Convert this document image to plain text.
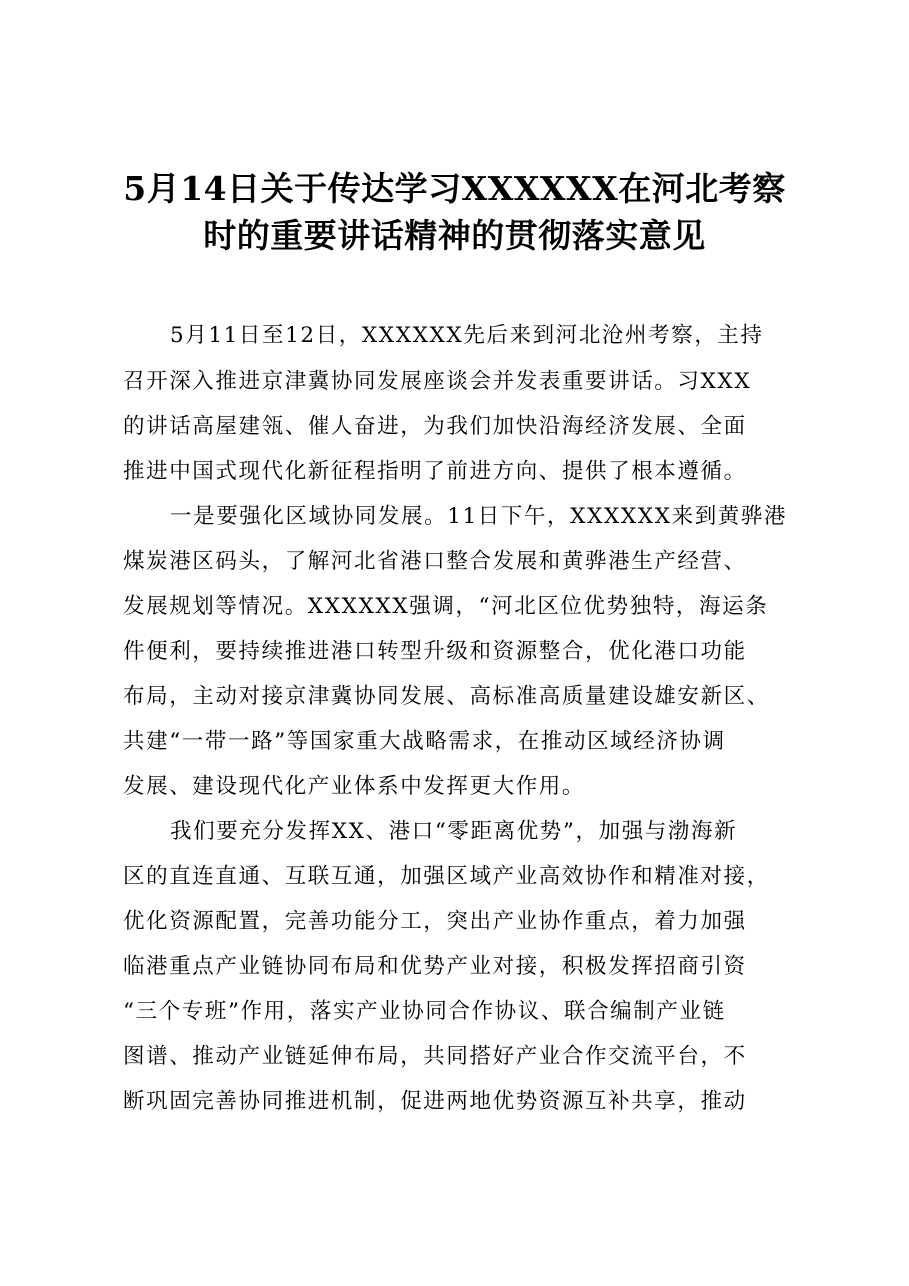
5月14日关于传达学习XXXXXX在河北考察
时的重要讲话精神的贯彻落实意见
5月11日至12日，XXXXXX先后来到河北沧州考察，主持
召开深入推进京津冀协同发展座谈会并发表重要讲话。习XXX
的讲话高屋建瓴、催人奋进，为我们加快沿海经济发展、全面
推进中国式现代化新征程指明了前进方向、提供了根本遵循。
一是要强化区域协同发展。11日下午，XXXXXX来到黄骅港
煤炭港区码头，了解河北省港口整合发展和黄骅港生产经营、
发展规划等情况。XXXXXX强调，“河北区位优势独特，海运条
件便利，要持续推进港口转型升级和资源整合，优化港口功能
布局，主动对接京津冀协同发展、高标准高质量建设雄安新区、
共建“一带一路”等国家重大战略需求，在推动区域经济协调
发展、建设现代化产业体系中发挥更大作用。
我们要充分发挥XX、港口“零距离优势”，加强与渤海新
区的直连直通、互联互通，加强区域产业高效协作和精准对接，
优化资源配置，完善功能分工，突出产业协作重点，着力加强
临港重点产业链协同布局和优势产业对接，积极发挥招商引资
“三个专班”作用，落实产业协同合作协议、联合编制产业链
图谱、推动产业链延伸布局，共同搭好产业合作交流平台，不
断巩固完善协同推进机制，促进两地优势资源互补共享，推动
